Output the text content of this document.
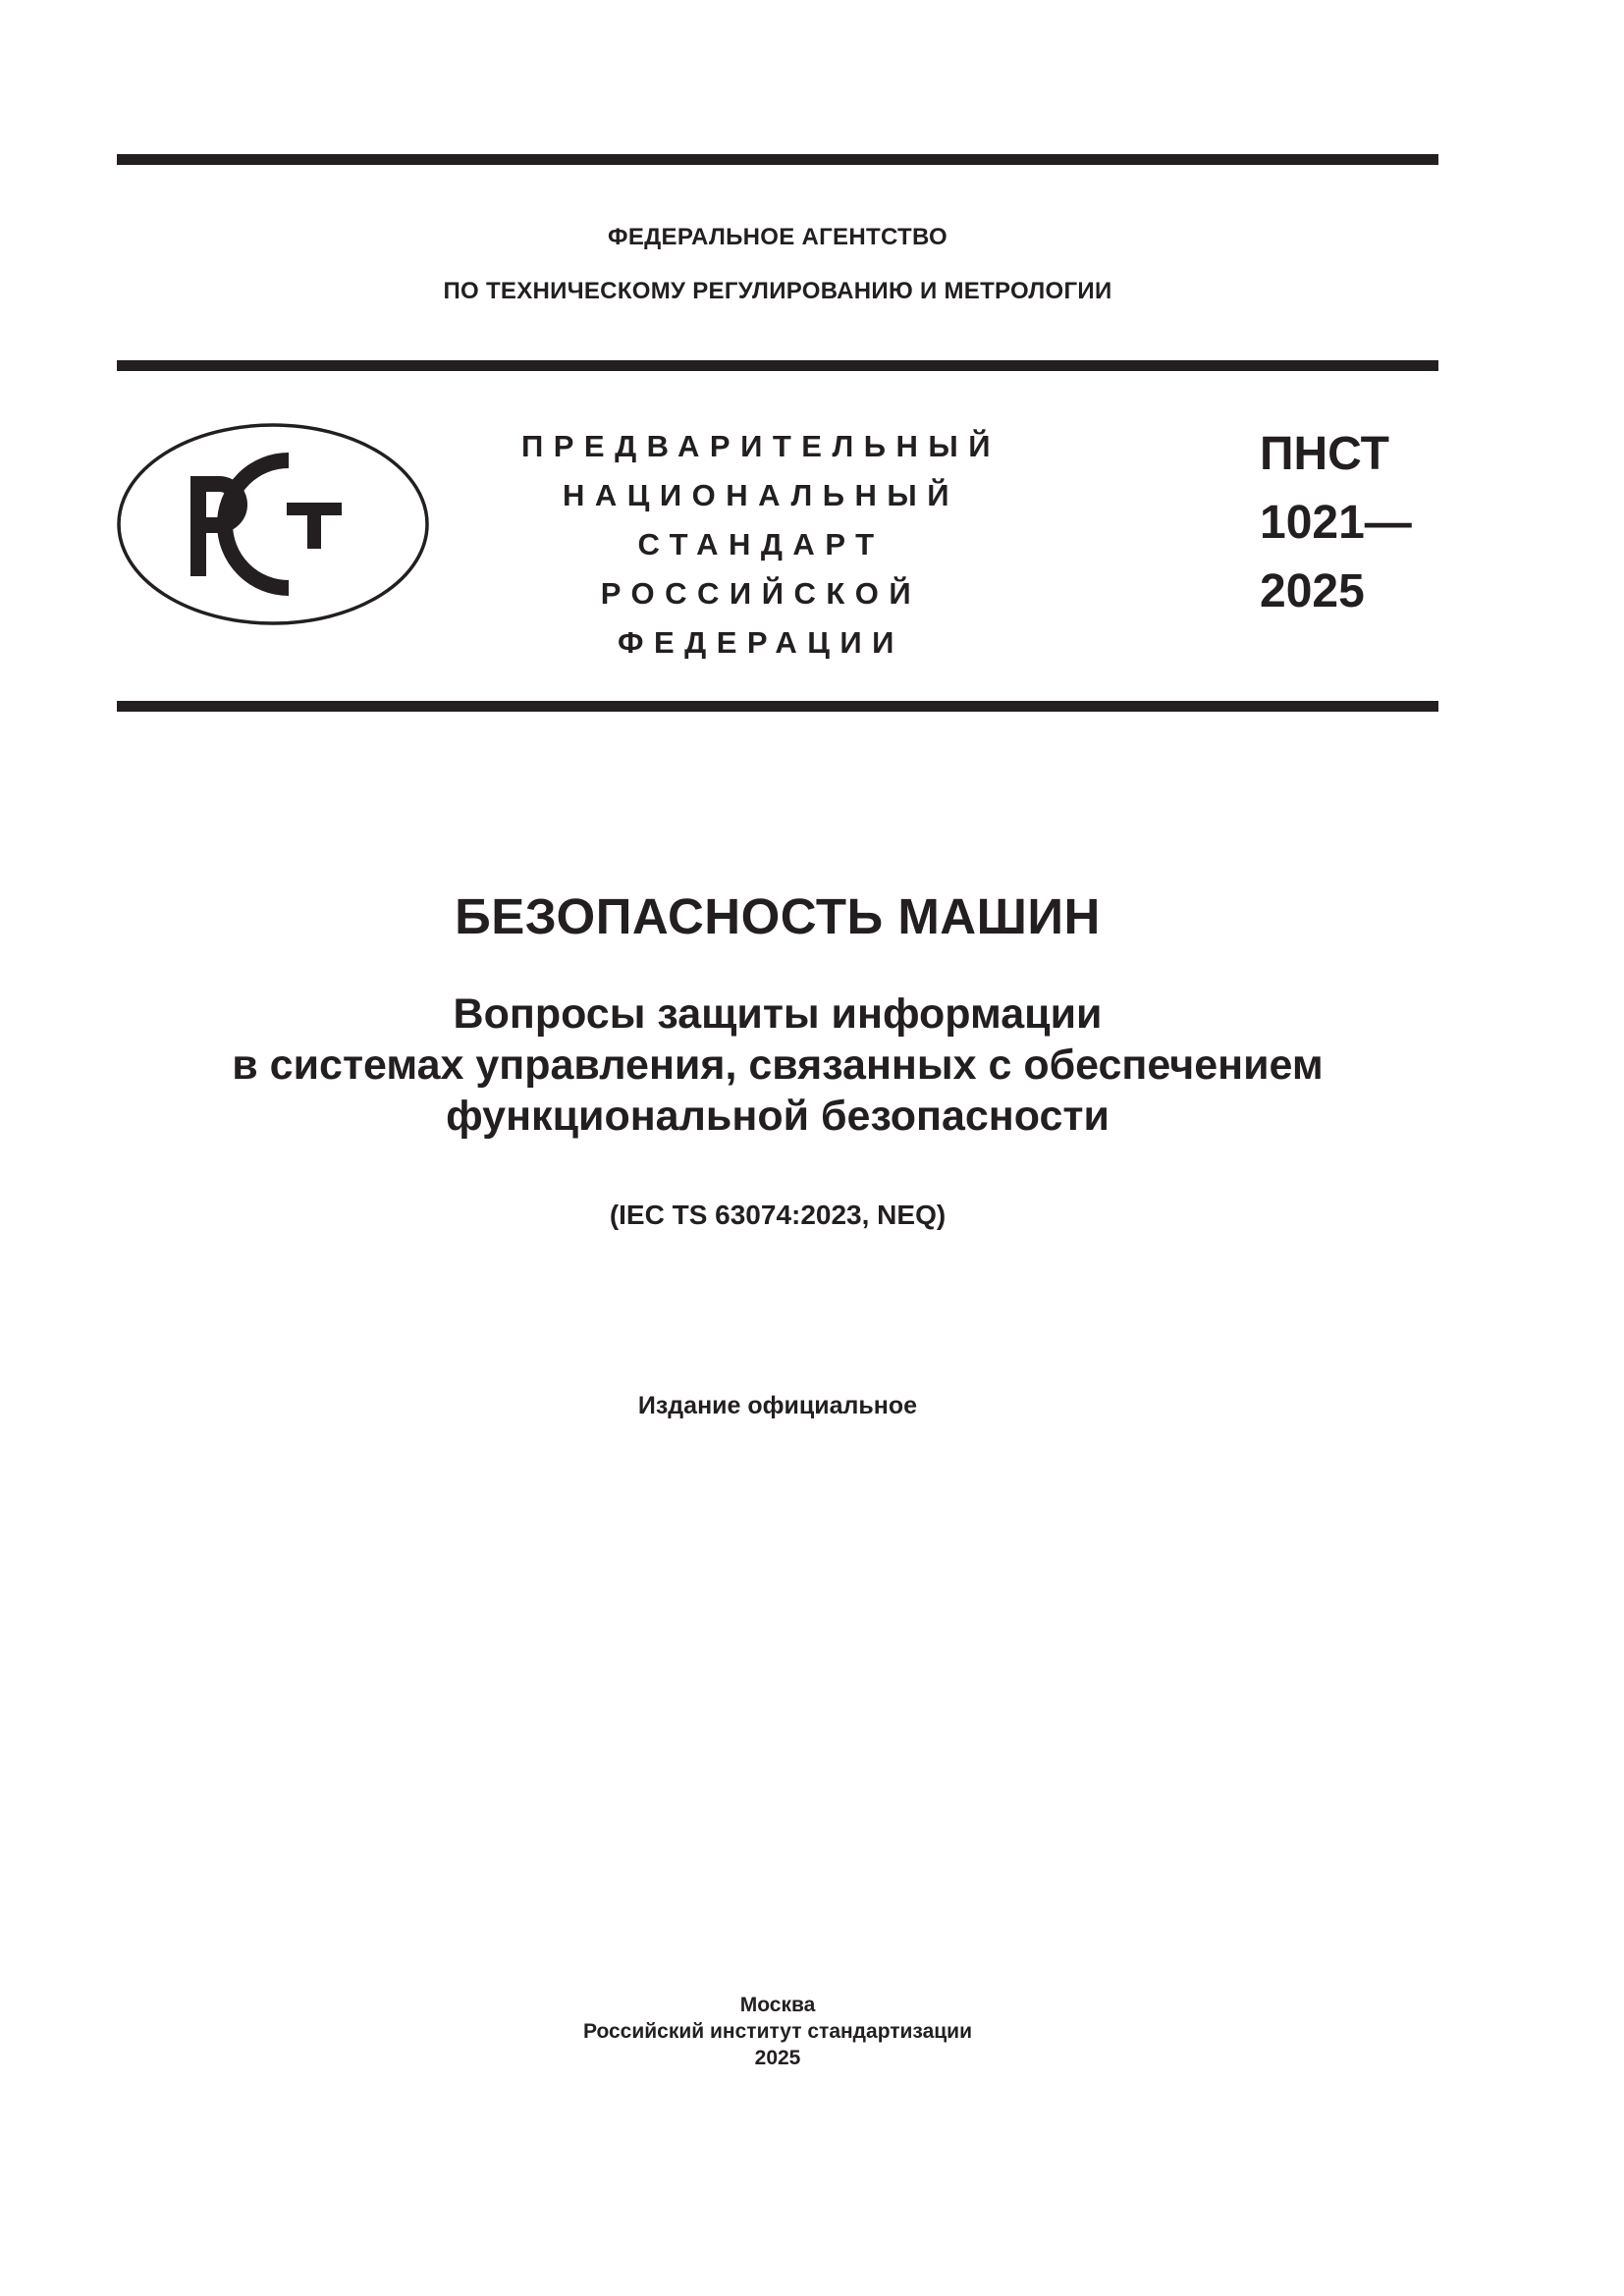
ФЕДЕРАЛЬНОЕ АГЕНТСТВО
ПО ТЕХНИЧЕСКОМУ РЕГУЛИРОВАНИЮ И МЕТРОЛОГИИ
ПРЕДВАРИТЕЛЬНЫЙ
НАЦИОНАЛЬНЫЙ
СТАНДАРТ
РОССИЙСКОЙ
ФЕДЕРАЦИИ
ПНСТ
1021—
2025
БЕЗОПАСНОСТЬ МАШИН
Вопросы защиты информации
в системах управления, связанных с обеспечением
функциональной безопасности
(IEC TS 63074:2023, NEQ)
Издание официальное
Москва
Российский институт стандартизации
2025
